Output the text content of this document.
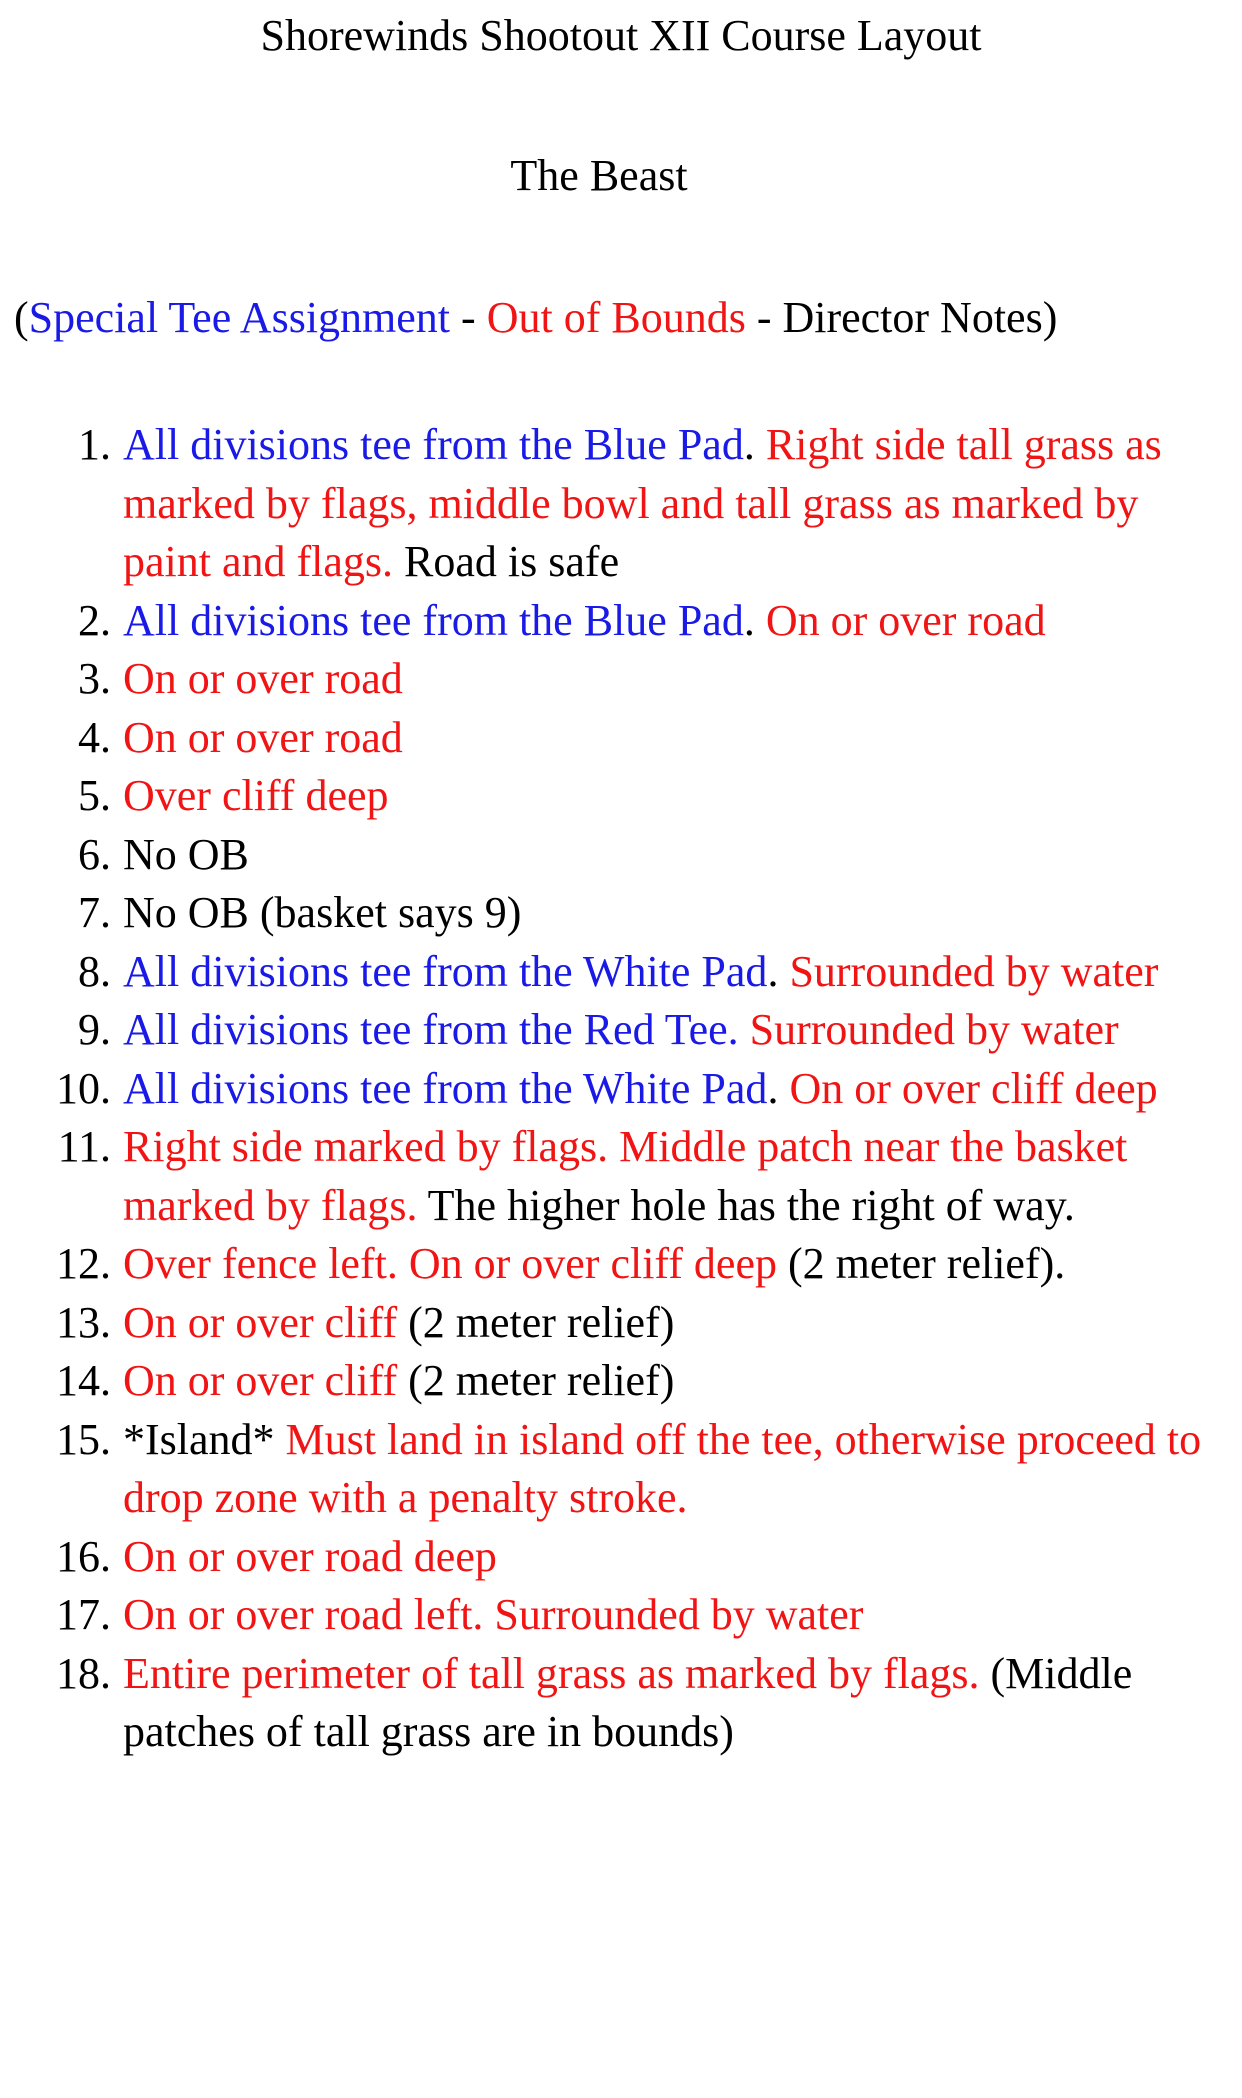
Shorewinds Shootout XII Course Layout

The Beast

(Special Tee Assignment - Out of Bounds - Director Notes)

1. All divisions tee from the Blue Pad. Right side tall grass as marked by flags, middle bowl and tall grass as marked by paint and flags. Road is safe
2. All divisions tee from the Blue Pad. On or over road
3. On or over road
4. On or over road
5. Over cliff deep
6. No OB
7. No OB (basket says 9)
8. All divisions tee from the White Pad. Surrounded by water
9. All divisions tee from the Red Tee. Surrounded by water
10. All divisions tee from the White Pad. On or over cliff deep
11. Right side marked by flags. Middle patch near the basket marked by flags. The higher hole has the right of way.
12. Over fence left. On or over cliff deep (2 meter relief).
13. On or over cliff (2 meter relief)
14. On or over cliff (2 meter relief)
15. *Island* Must land in island off the tee, otherwise proceed to drop zone with a penalty stroke.
16. On or over road deep
17. On or over road left. Surrounded by water
18. Entire perimeter of tall grass as marked by flags. (Middle patches of tall grass are in bounds)
